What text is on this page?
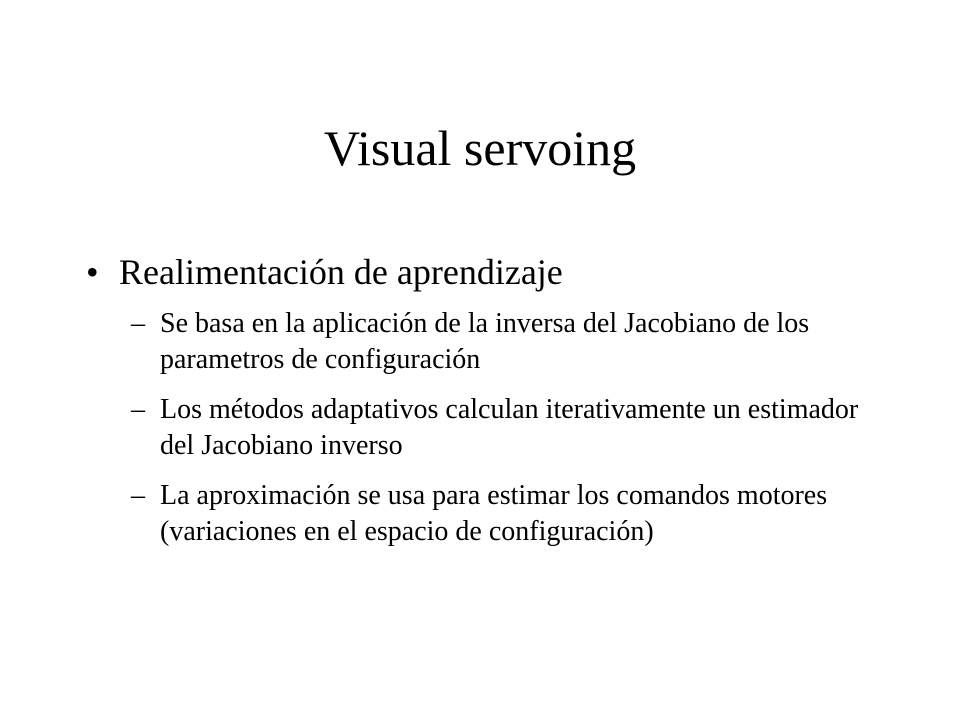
Visual servoing
• Realimentación de aprendizaje
– Se basa en la aplicación de la inversa del Jacobiano de los parametros de configuración
– Los métodos adaptativos calculan iterativamente un estimador del Jacobiano inverso
– La aproximación se usa para estimar los comandos motores (variaciones en el espacio de configuración)
